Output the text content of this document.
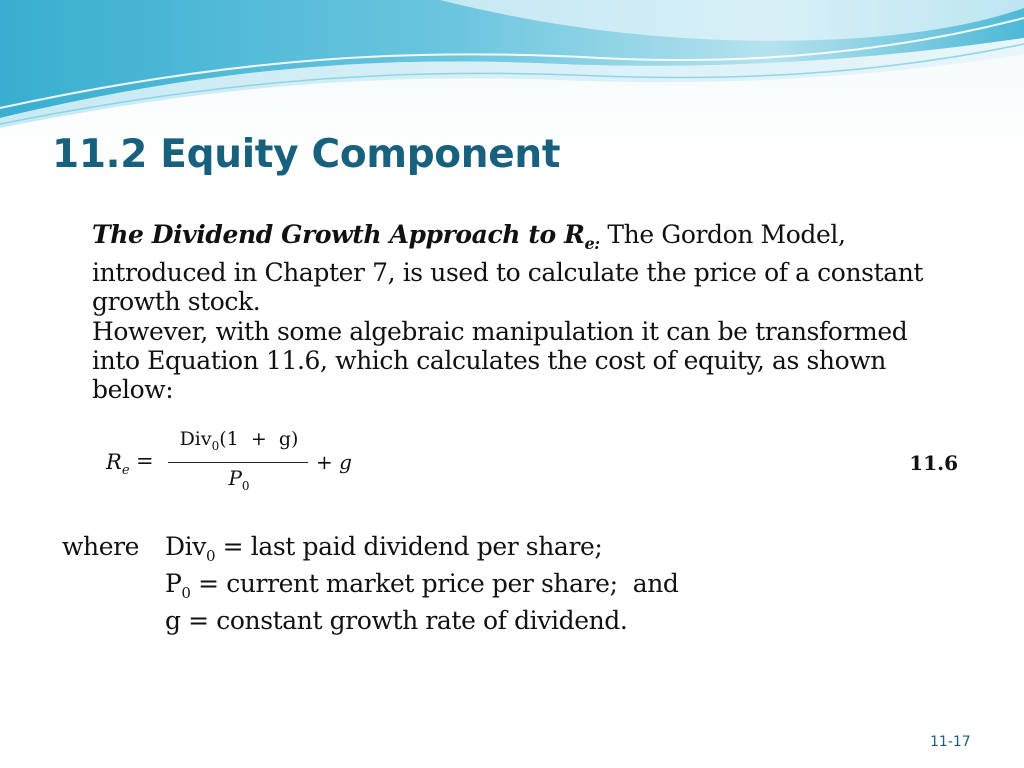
11.2 Equity Component

The Dividend Growth Approach to $R_{e:}$ The Gordon Model, introduced in Chapter 7, is used to calculate the price of a constant growth stock.

However, with some algebraic manipulation it can be transformed into Equation 11.6, which calculates the cost of equity, as shown below:

$R_e$ =
Div$_0$(1  +  g)
$P_0$
+ g	11.6
where Div$_0$ = last paid dividend per share;
$P_0$ = current market price per share;  and
g = constant growth rate of dividend.
11-17
